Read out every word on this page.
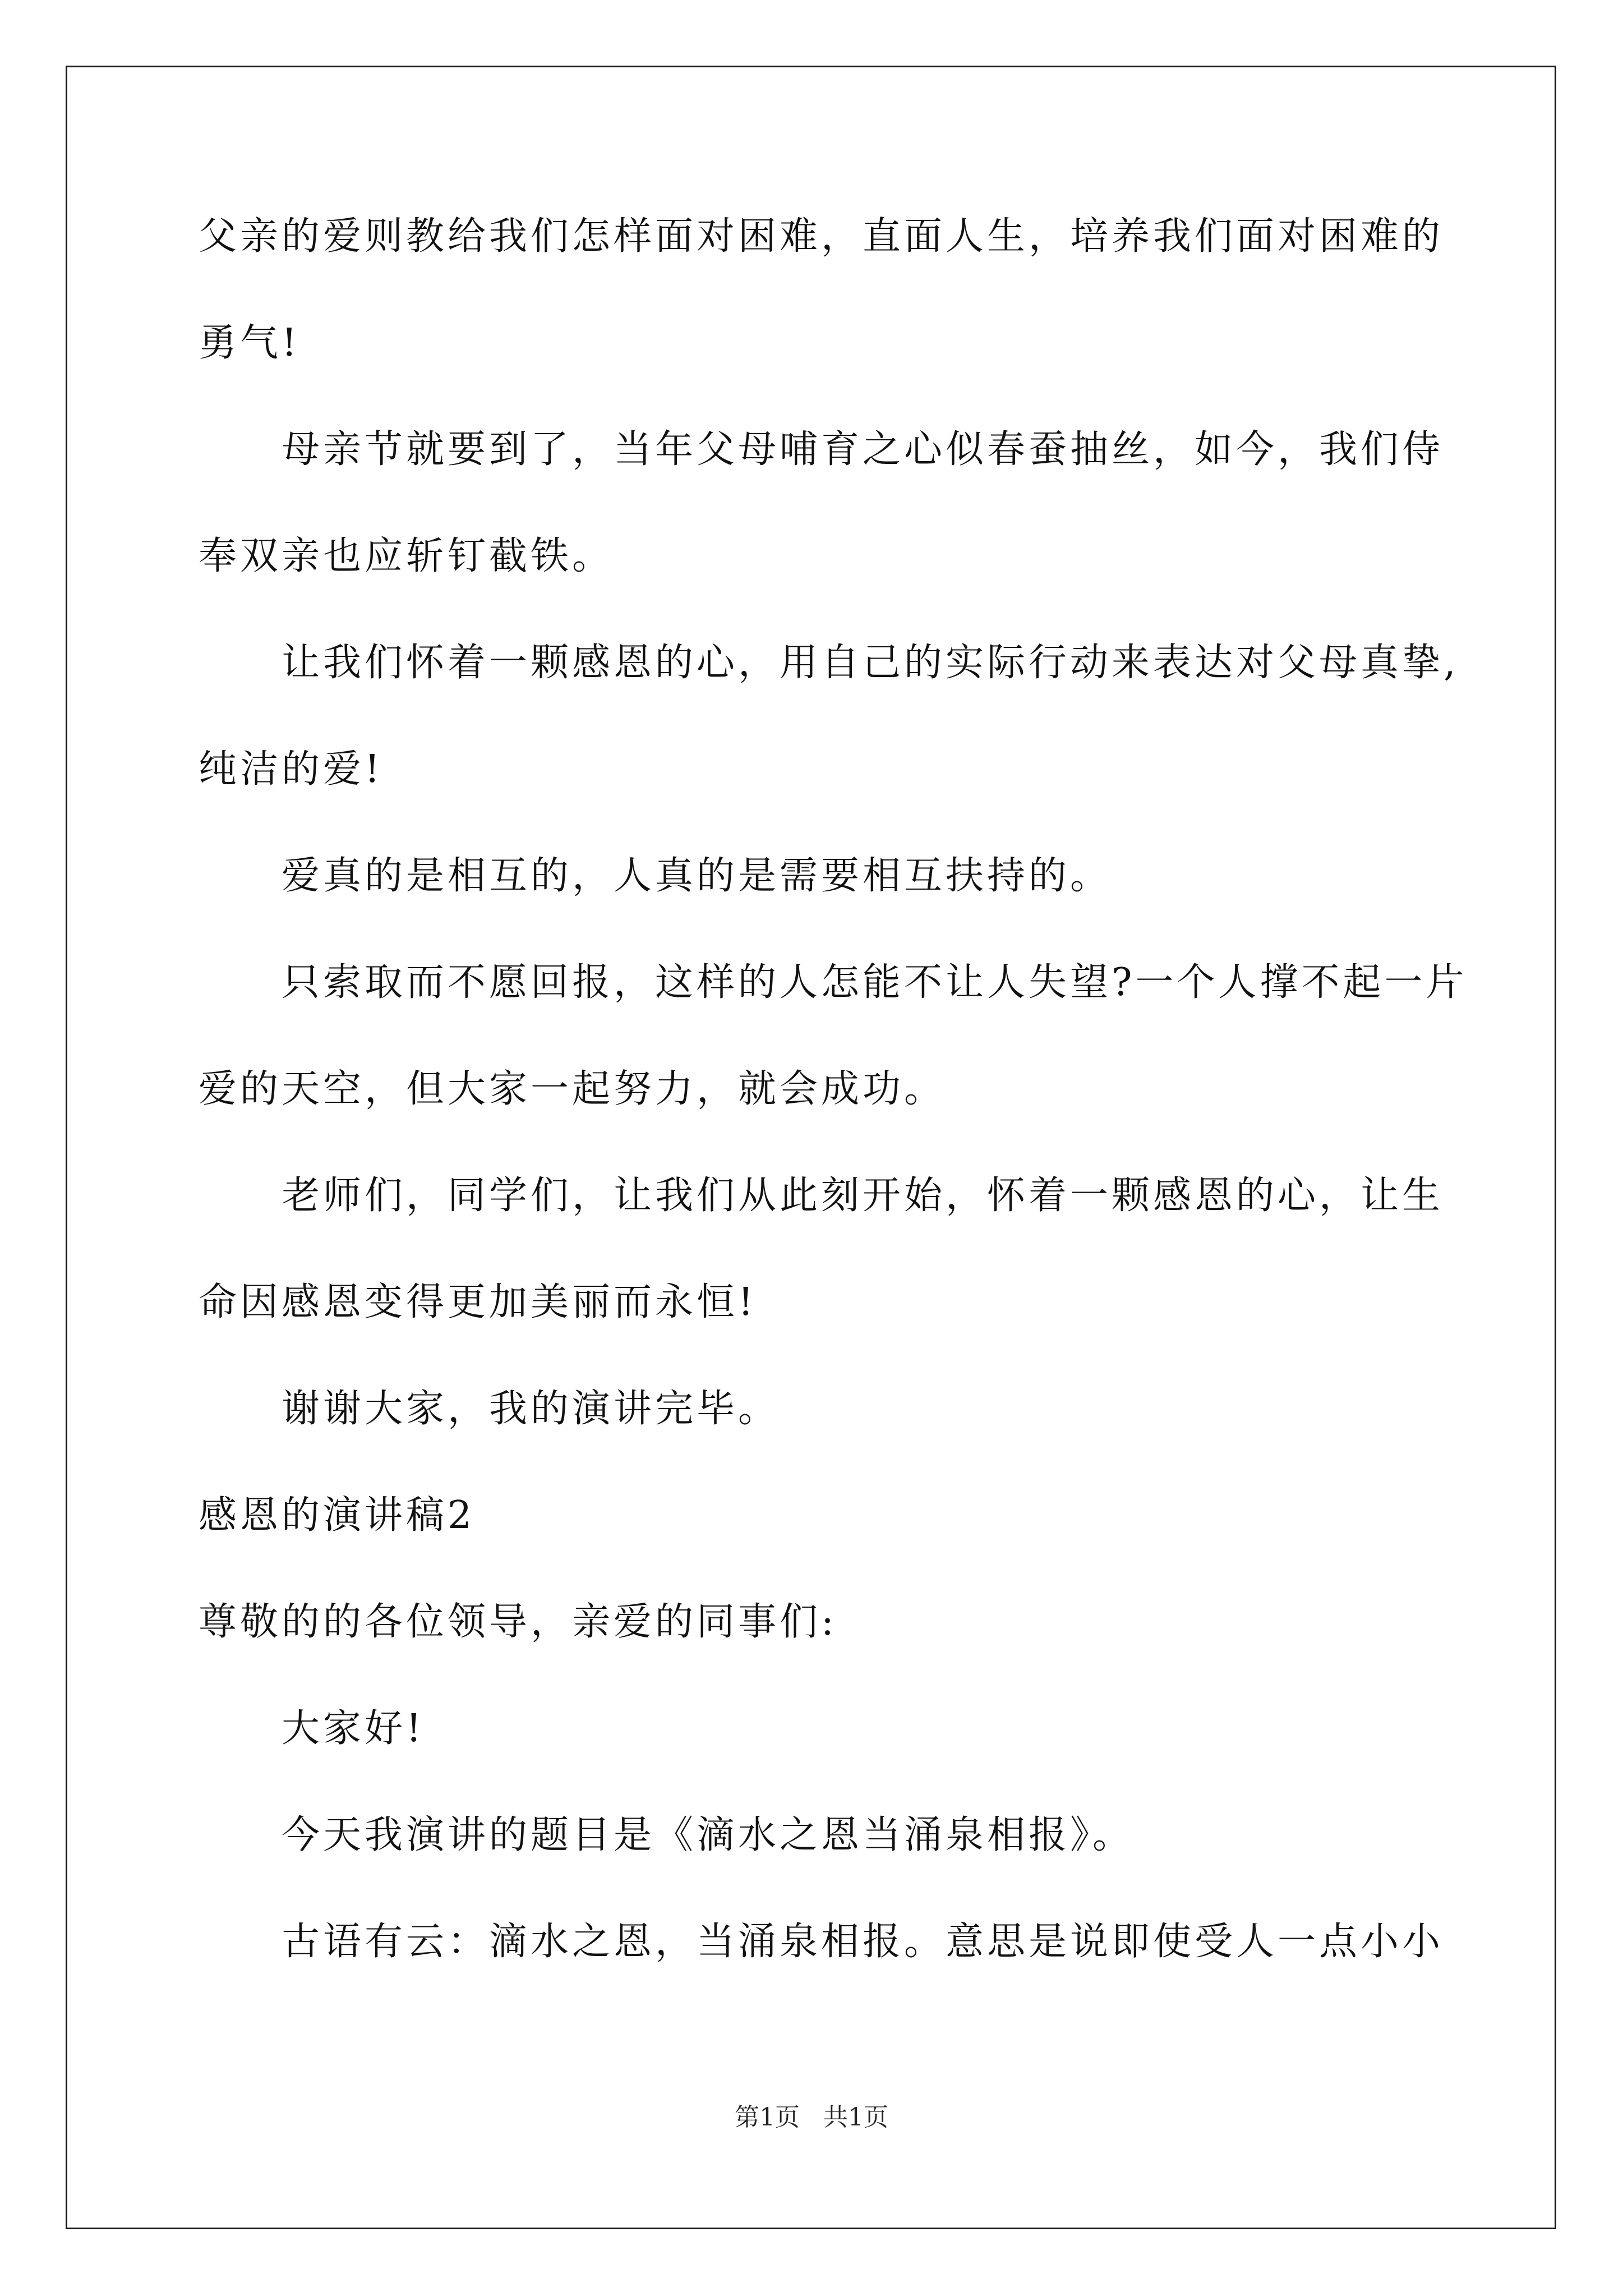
父亲的爱则教给我们怎样面对困难，直面人生，培养我们面对困难的
勇气!
母亲节就要到了，当年父母哺育之心似春蚕抽丝，如今，我们侍
奉双亲也应斩钉截铁。
让我们怀着一颗感恩的心，用自己的实际行动来表达对父母真挚,
纯洁的爱!
爱真的是相互的，人真的是需要相互扶持的。
只索取而不愿回报，这样的人怎能不让人失望?一个人撑不起一片
爱的天空，但大家一起努力，就会成功。
老师们，同学们，让我们从此刻开始，怀着一颗感恩的心，让生
命因感恩变得更加美丽而永恒!
谢谢大家，我的演讲完毕。
感恩的演讲稿2
尊敬的的各位领导，亲爱的同事们:
大家好!
今天我演讲的题目是《滴水之恩当涌泉相报》。
古语有云：滴水之恩，当涌泉相报。意思是说即使受人一点小小
第1页   共1页
